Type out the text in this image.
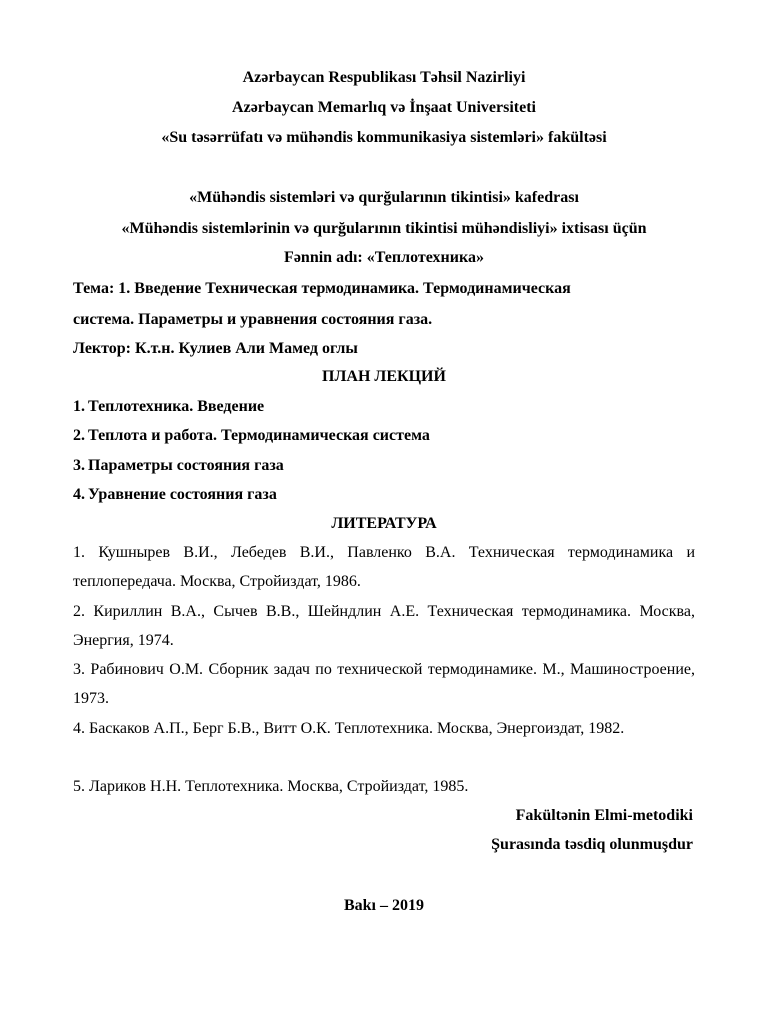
Azərbaycan Respublikası Təhsil Nazirliyi
Azərbaycan Memarlıq və İnşaat Universiteti
«Su təsərrüfatı və mühəndis kommunikasiya sistemləri» fakültəsi
«Mühəndis sistemləri və qurğularının tikintisi» kafedrası
«Mühəndis sistemlərinin və qurğularının tikintisi mühəndisliyi» ixtisası üçün
Fənnin adı: «Теплотехника»
Тема: 1. Введение Техническая термодинамика. Термодинамическая
система. Параметры и уравнения состояния газа.
Лектор: К.т.н. Кулиев Али Мамед оглы
ПЛАН ЛЕКЦИЙ
1. Теплотехника. Введение
2. Теплота и работа. Термодинамическая система
3. Параметры состояния газа
4. Уравнение состояния газа
ЛИТЕРАТУРА
1. Кушнырев В.И., Лебедев В.И., Павленко В.А. Техническая термодинамика и теплопередача. Москва, Стройиздат, 1986.
2. Кириллин В.А., Сычев В.В., Шейндлин А.Е. Техническая термодинамика. Москва, Энергия, 1974.
3. Рабинович О.М. Сборник задач по технической термодинамике. М., Машиностроение, 1973.
4. Баскаков А.П., Берг Б.В., Витт О.К. Теплотехника. Москва, Энергоиздат, 1982.
5. Лариков Н.Н. Теплотехника. Москва, Стройиздат, 1985.
Fakültənin Elmi-metodiki
Şurasında təsdiq olunmuşdur
Bakı – 2019
